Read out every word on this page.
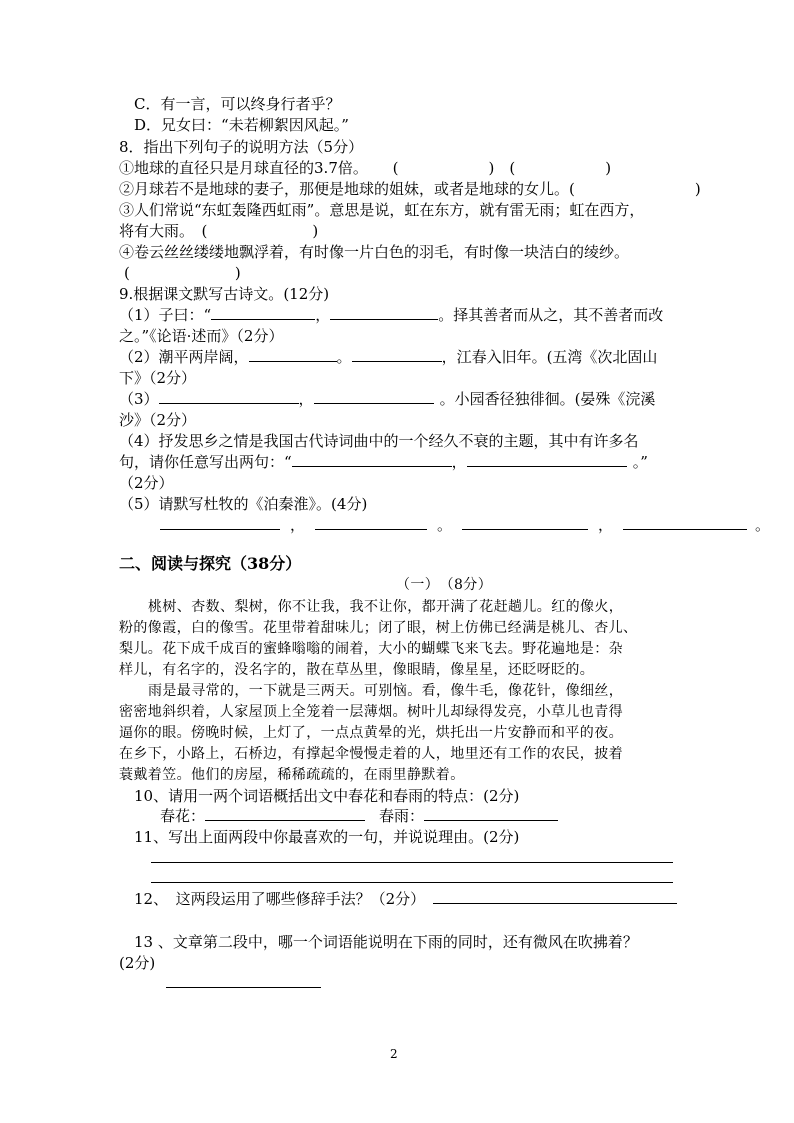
C．有一言，可以终身行者乎？
D．兄女曰：“未若柳絮因风起。”
8．指出下列句子的说明方法（5分）
①地球的直径只是月球直径的3.7倍。 (　　　　　　)　(　　　　　　)
②月球若不是地球的妻子，那便是地球的姐妹，或者是地球的女儿。(　　　　　　　　)
③人们常说“东虹轰隆西虹雨”。意思是说，虹在东方，就有雷无雨；虹在西方，
将有大雨。　(　　　　　　　)
④卷云丝丝缕缕地飘浮着，有时像一片白色的羽毛，有时像一块洁白的绫纱。
(　　　　　　　)
9.根据课文默写古诗文。(12分)
（1）子曰：“	，	。择其善者而从之，其不善者而改
之。”《论语·述而》（2分）
（2）潮平两岸阔，	。	，江春入旧年。(五湾《次北固山
下》（2分）
（3）	，	。小园香径独徘徊。(晏殊《浣溪
沙》（2分）
（4）抒发思乡之情是我国古代诗词曲中的一个经久不衰的主题，其中有许多名
句，请你任意写出两句：“	，	。”
（2分）
（5）请默写杜牧的《泊秦淮》。(4分)
，	。	，	。
二、阅读与探究（38分）
（一）　（8分）
桃树、杏数、梨树，你不让我，我不让你，都开满了花赶趟儿。红的像火，
粉的像霞，白的像雪。花里带着甜味儿；闭了眼，树上仿佛已经满是桃儿、杏儿、
梨儿。花下成千成百的蜜蜂嗡嗡的闹着，大小的蝴蝶飞来飞去。野花遍地是：杂
样儿，有名字的，没名字的，散在草丛里，像眼睛，像星星，还眨呀眨的。
雨是最寻常的，一下就是三两天。可别恼。看，像牛毛，像花针，像细丝，
密密地斜织着，人家屋顶上全笼着一层薄烟。树叶儿却绿得发亮，小草儿也青得
逼你的眼。傍晚时候，上灯了，一点点黄晕的光，烘托出一片安静而和平的夜。
在乡下，小路上，石桥边，有撑起伞慢慢走着的人，地里还有工作的农民，披着
蓑戴着笠。他们的房屋，稀稀疏疏的，在雨里静默着。
10、请用一两个词语概括出文中春花和春雨的特点：(2分)
春花：	春雨：
11、写出上面两段中你最喜欢的一句，并说说理由。(2分)
12、　这两段运用了哪些修辞手法？（2分）
13 、文章第二段中，哪一个词语能说明在下雨的同时，还有微风在吹拂着？
(2分)
2
